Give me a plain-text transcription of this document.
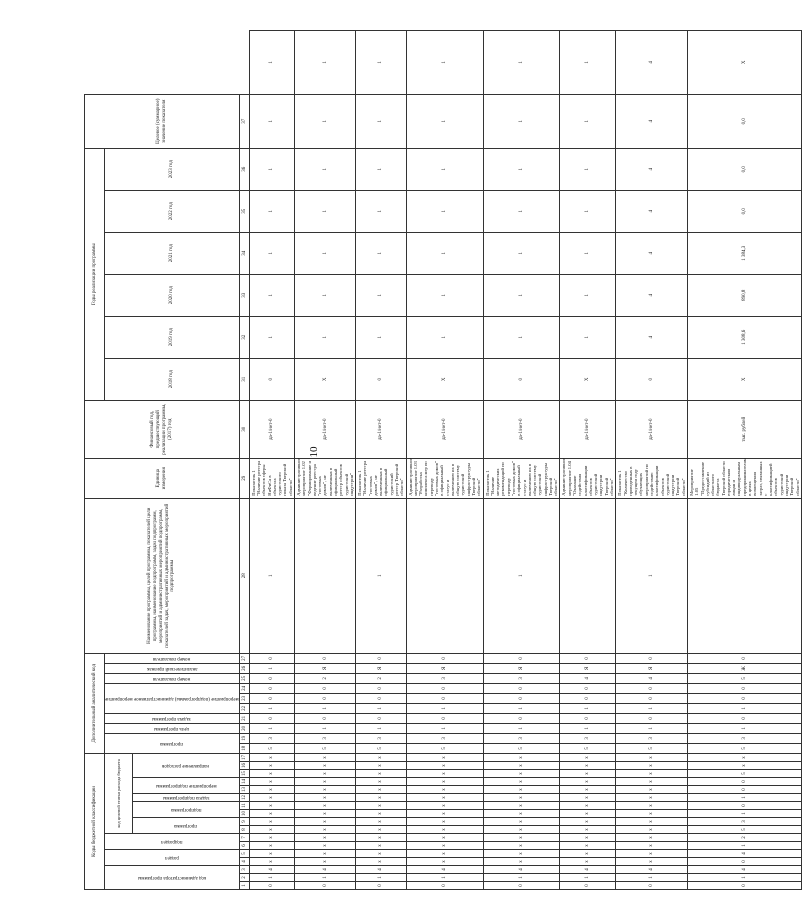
10
Коды бюджетной классификации																	Дополнительный аналитический код										Наименование программы, целей программы, показателей цели программы, наименование подпрограмм, задач подпрограмм, мероприятий и административных мероприятий подпрограмм, показателей задач, мероприятий и административных мероприятий подпрограммы	Единица измерения	Финансовый год, предшествующий реализации программы, (2017) год	Годы реализации программы						Целевое (суммарное) значение показателя	

код администратора программы			раздел		подраздел		код целевой статьи расхода бюджета										программа		цель программы	задача программы	мероприятие (подпрограммы) административное мероприятие			номер показателя	аналитический признак	номер показателя				2018 год	2019 год	2020 год	2021 год	2022 год	2023 год		

							программа		подпрограмма		задача подпрограммы	мероприятие подпрограммы		направление расходов																							

1	2	3	4	5	6	7	8	9	10	11	12	13	14	15	16	17	18	19	20	21	22	23	24	25	26	27	28	29	30	31	32	33	34	35	36	37	
0	1	4	х	х	х	х	х	х	х	х	х	х	х	х	х	х	5	3	1	0	1	0	0	0	1	0	1	Показатель 1 "Наличие реестра объектов сферы НиФиСа в объектах туристского показа Тверской области"	да-1/нет-0	0	1	1	1	1	1	1	1
0	1	4	х	х	х	х	х	х	х	х	х	х	х	х	х	х	5	3	1	0	1	0	0	2	Я	0		Административное мероприятие 1.02 "Формирование и ведение реестра "гостевых домов", не включенных в официальный реестр объектов туристской индустрии"	да-1/нет-0	Х	1	1	1	1	1	1	1
0	1	4	х	х	х	х	х	х	х	х	х	х	х	х	х	х	5	3	1	0	1	0	0	2	Я	0	1	Показатель 1 "Наличие реестра "гостевых домов", не включенных в официальный туристский реестр Тверской области"	да-1/нет-0	0	1	1	1	1	1	1	1
0	1	4	х	х	х	х	х	х	х	х	х	х	х	х	х	х	5	3	1	0	1	0	0	3	Я	0		Административное мероприятие 1.03 "Разработка комплекса мер по переводу "гостевых домов" в официальный статус и включению их в общую систему туристской инфраструктуры Тверской области"	да-1/нет-0	Х	1	1	1	1	1	1	1
0	1	4	х	х	х	х	х	х	х	х	х	х	х	х	х	х	5	3	1	0	1	0	0	3	Я	0	1	Показатель 1 "Наличие методических рекомендаций по переводу "гостевых домов" в официальный статус и включению их в общую систему туристской инфраструктуры Тверской области"	да-1/нет-0	0	1	1	1	1	1	1	1
0	1	4	х	х	х	х	х	х	х	х	х	х	х	х	х	х	5	3	1	0	1	0	0	4	Я	0		Административное мероприятие 1.04 "Оказание содействия классификации объектов туристской индустрии Тверской области"	да-1/нет-0	Х	1	1	1	1	1	1	1
0	1	4	х	х	х	х	х	х	х	х	х	х	х	х	х	х	5	3	1	0	1	0	0	4	Я	0	1	Показатель 1 "Количество проведенных в текущем году обучающих мероприятий по содействию классификации объектов туристской индустрии Тверской области"	да-1/нет-0	0	4	4	4	4	4	4	4
0	1	4	0	4	1	2	5	3	1	0	1	0	0	5	х	х	5	3	1	0	1	0	0	5	Ж	0		Мероприятие 1.05 "Предоставление субсидий из областного бюджета Тверской области юридическим лицам и индивидуальным предпринимателям в целях возмещения затрат, связанных с классификацией объектов туристской индустрии Тверской области"	тыс. рублей	Х	1 308,6	890,8	1 384,3	0,0	0,0	0,0	Х
